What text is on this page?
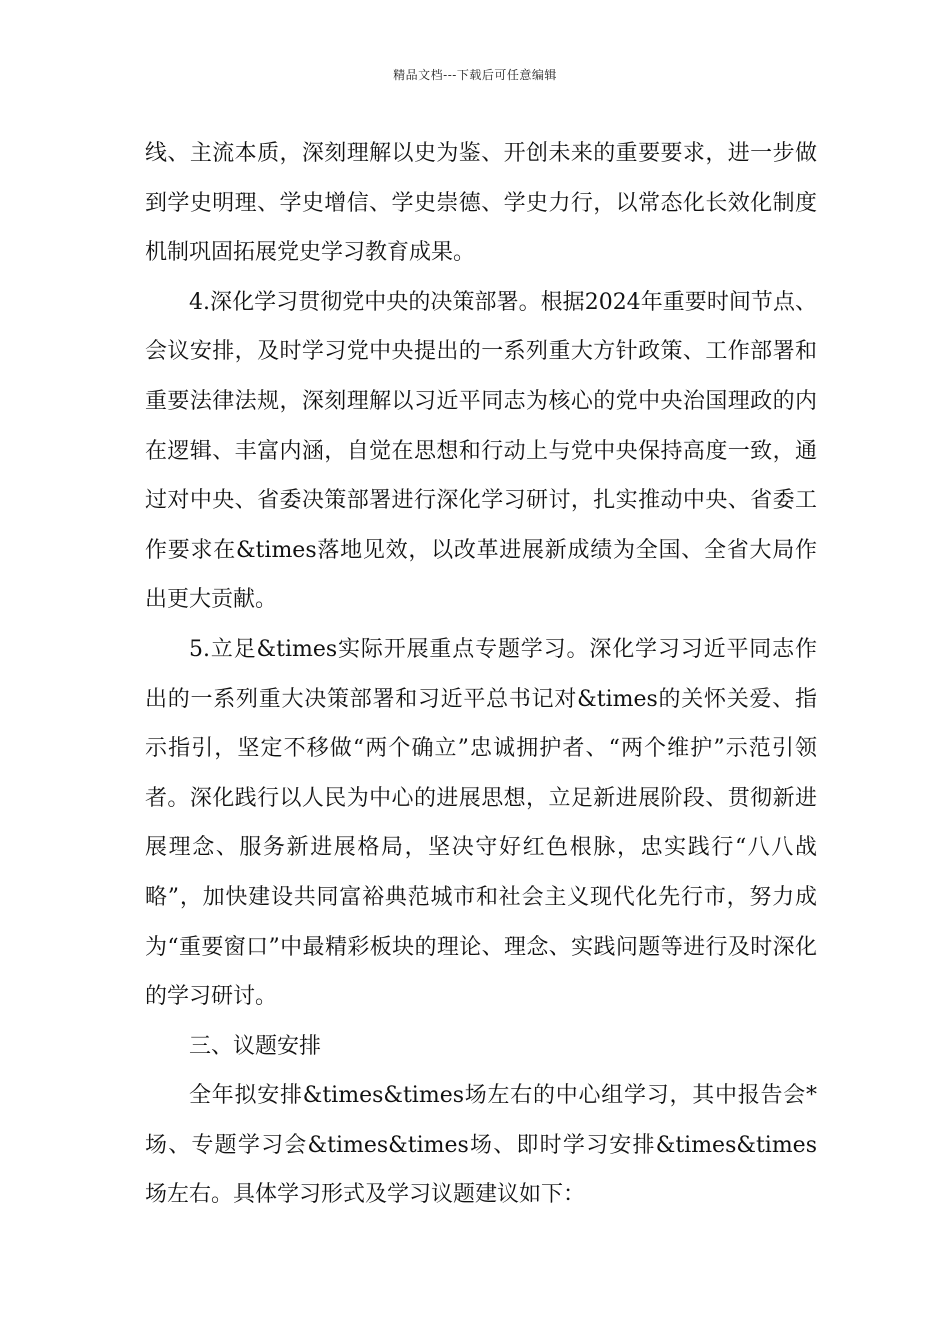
精品文档---下载后可任意编辑

线、主流本质，深刻理解以史为鉴、开创未来的重要要求，进一步做到学史明理、学史增信、学史崇德、学史力行，以常态化长效化制度机制巩固拓展党史学习教育成果。

4.深化学习贯彻党中央的决策部署。根据2024年重要时间节点、会议安排，及时学习党中央提出的一系列重大方针政策、工作部署和重要法律法规，深刻理解以习近平同志为核心的党中央治国理政的内在逻辑、丰富内涵，自觉在思想和行动上与党中央保持高度一致，通过对中央、省委决策部署进行深化学习研讨，扎实推动中央、省委工作要求在&times落地见效，以改革进展新成绩为全国、全省大局作出更大贡献。

5.立足&times实际开展重点专题学习。深化学习习近平同志作出的一系列重大决策部署和习近平总书记对&times的关怀关爱、指示指引，坚定不移做“两个确立”忠诚拥护者、“两个维护”示范引领者。深化践行以人民为中心的进展思想，立足新进展阶段、贯彻新进展理念、服务新进展格局，坚决守好红色根脉，忠实践行“八八战略”，加快建设共同富裕典范城市和社会主义现代化先行市，努力成为“重要窗口”中最精彩板块的理论、理念、实践问题等进行及时深化的学习研讨。

三、议题安排

全年拟安排&times&times场左右的中心组学习，其中报告会*场、专题学习会&times&times场、即时学习安排&times&times场左右。具体学习形式及学习议题建议如下：
